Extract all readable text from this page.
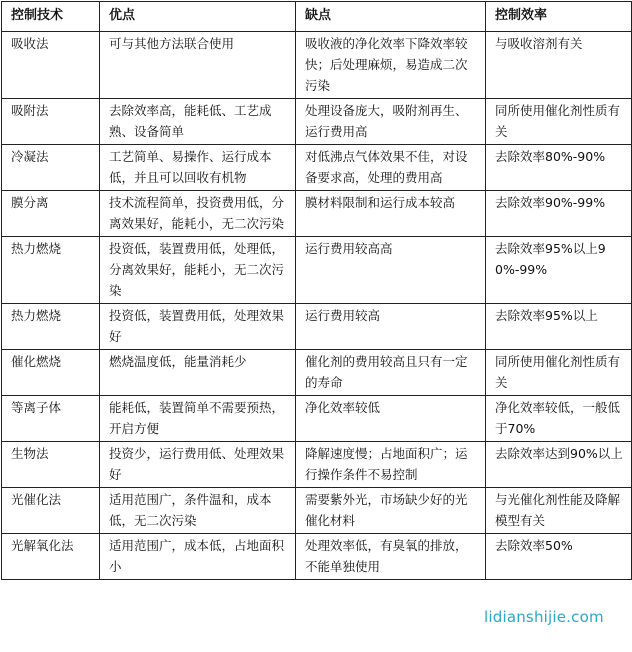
控制技术	优点	缺点	控制效率
吸收法	可与其他方法联合使用	吸收液的净化效率下降效率较快；后处理麻烦，易造成二次污染	与吸收溶剂有关
吸附法	去除效率高，能耗低、工艺成熟、设备简单	处理设备庞大，吸附剂再生、运行费用高	同所使用催化剂性质有关
冷凝法	工艺简单、易操作、运行成本低，并且可以回收有机物	对低沸点气体效果不佳，对设备要求高，处理的费用高	去除效率80%-90%
膜分离	技术流程简单，投资费用低，分离效果好，能耗小，无二次污染	膜材料限制和运行成本较高	去除效率90%-99%
热力燃烧	投资低，装置费用低，处理低，分离效果好，能耗小，无二次污染	运行费用较高高	去除效率95%以上90%-99%
热力燃烧	投资低，装置费用低，处理效果好	运行费用较高	去除效率95%以上
催化燃烧	燃烧温度低，能量消耗少	催化剂的费用较高且只有一定的寿命	同所使用催化剂性质有关
等离子体	能耗低，装置简单不需要预热，开启方便	净化效率较低	净化效率较低，一般低于70%
生物法	投资少，运行费用低、处理效果好	降解速度慢；占地面积广；运行操作条件不易控制	去除效率达到90%以上
光催化法	适用范围广，条件温和，成本低，无二次污染	需要紫外光，市场缺少好的光催化材料	与光催化剂性能及降解模型有关
光解氧化法	适用范围广，成本低，占地面积小	处理效率低，有臭氧的排放，不能单独使用	去除效率50%
lidianshijie.com
